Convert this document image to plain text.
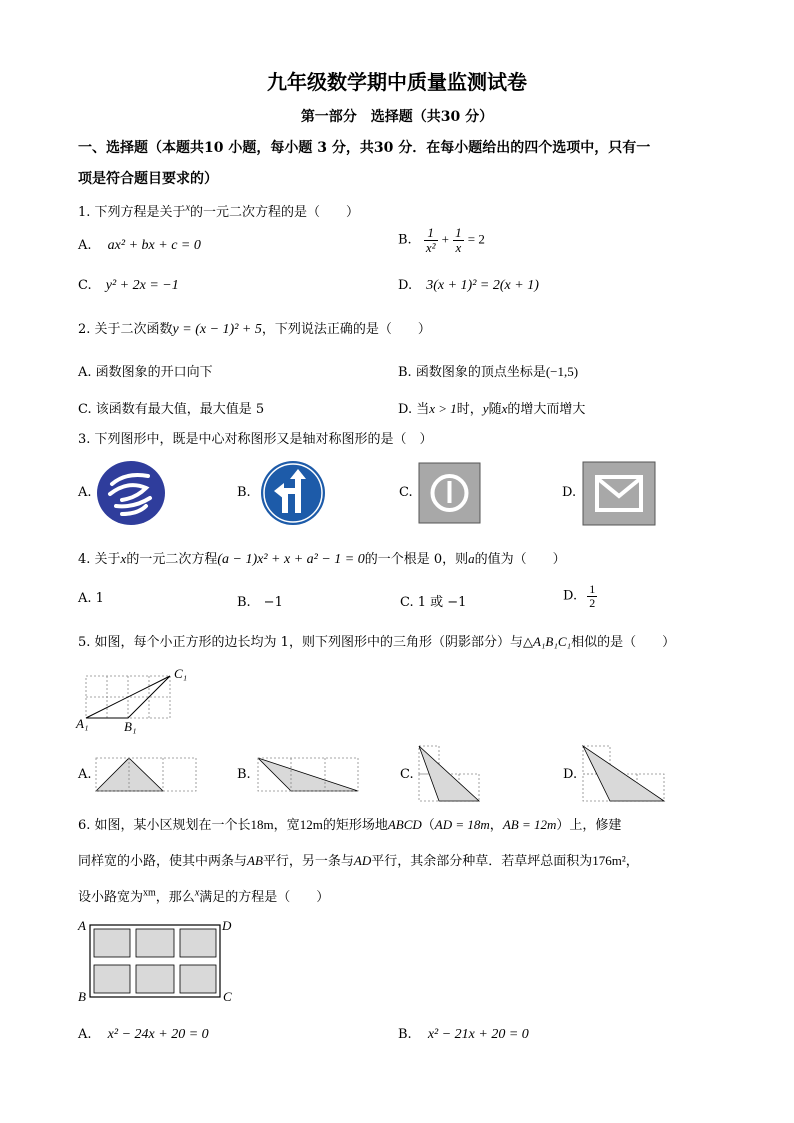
九年级数学期中质量监测试卷
第一部分　选择题（共30 分）
一、选择题（本题共10 小题，每小题 3 分，共30 分．在每小题给出的四个选项中，只有一
项是符合题目要求的）
1. 下列方程是关于$^x$的一元二次方程的是（　　）
A. ax² + bx + c = 0	B. $\frac{1}{\text{x²}} + \frac{1}{x} = 2$
C. y² + 2x = −1	D. 3(x + 1)² = 2(x + 1)
2. 关于二次函数y = (x − 1)² + 5，下列说法正确的是（　　）
A. 函数图象的开口向下	B. 函数图象的顶点坐标是(−1,5)
C. 该函数有最大值，最大值是 5	D. 当x > 1时，y随x的增大而增大
3. 下列图形中，既是中心对称图形又是轴对称图形的是（　）
A.	B.	C.	D.
4. 关于x的一元二次方程(a − 1)x² + x + a² − 1 = 0的一个根是 0，则a的值为（　　）
A. 1	B.　−1	C. 1 或 −1	D. $\frac{1}{2}$
5. 如图，每个小正方形的边长均为 1，则下列图形中的三角形（阴影部分）与△A₁B₁C₁相似的是（　　）
A₁	B₁
C₁
A.	B.	C.	D.
6. 如图，某小区规划在一个长18m，宽12m的矩形场地ABCD（AD = 18m，AB = 12m）上，修建
同样宽的小路，使其中两条与AB平行，另一条与AD平行，其余部分种草．若草坪总面积为176m²，
设小路宽为$^{xm}$，那么$^x$满足的方程是（　　）
A
B	C
D
A. x² − 24x + 20 = 0	B. x² − 21x + 20 = 0
